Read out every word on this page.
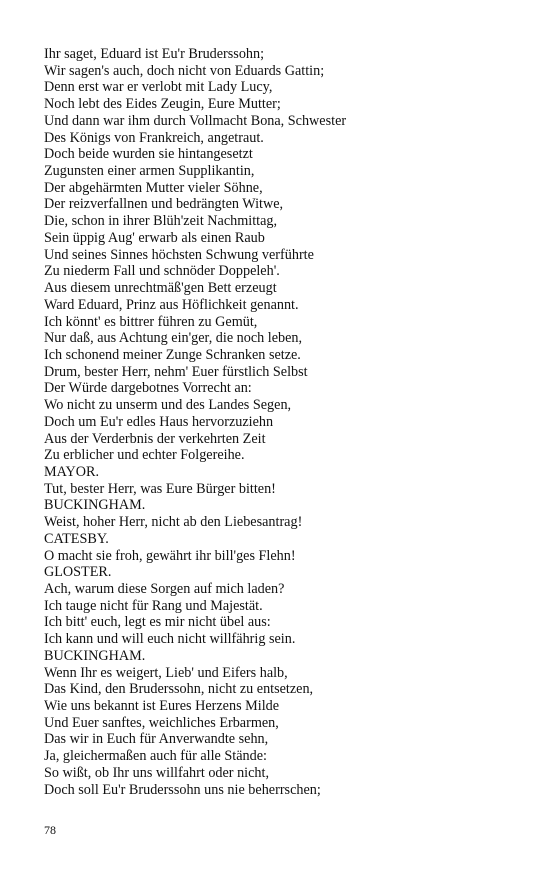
Ihr saget, Eduard ist Eu'r Bruderssohn;

Wir sagen's auch, doch nicht von Eduards Gattin;

Denn erst war er verlobt mit Lady Lucy,

Noch lebt des Eides Zeugin, Eure Mutter;

Und dann war ihm durch Vollmacht Bona, Schwester

Des Königs von Frankreich, angetraut.

Doch beide wurden sie hintangesetzt

Zugunsten einer armen Supplikantin,

Der abgehärmten Mutter vieler Söhne,

Der reizverfallnen und bedrängten Witwe,

Die, schon in ihrer Blüh'zeit Nachmittag,

Sein üppig Aug' erwarb als einen Raub

Und seines Sinnes höchsten Schwung verführte

Zu niederm Fall und schnöder Doppeleh'.

Aus diesem unrechtmäß'gen Bett erzeugt

Ward Eduard, Prinz aus Höflichkeit genannt.

Ich könnt' es bittrer führen zu Gemüt,

Nur daß, aus Achtung ein'ger, die noch leben,

Ich schonend meiner Zunge Schranken setze.

Drum, bester Herr, nehm' Euer fürstlich Selbst

Der Würde dargebotnes Vorrecht an:

Wo nicht zu unserm und des Landes Segen,

Doch um Eu'r edles Haus hervorzuziehn

Aus der Verderbnis der verkehrten Zeit

Zu erblicher und echter Folgereihe.

MAYOR.

Tut, bester Herr, was Eure Bürger bitten!

BUCKINGHAM.

Weist, hoher Herr, nicht ab den Liebesantrag!

CATESBY.

O macht sie froh, gewährt ihr bill'ges Flehn!

GLOSTER.

Ach, warum diese Sorgen auf mich laden?

Ich tauge nicht für Rang und Majestät.

Ich bitt' euch, legt es mir nicht übel aus:

Ich kann und will euch nicht willfährig sein.

BUCKINGHAM.

Wenn Ihr es weigert, Lieb' und Eifers halb,

Das Kind, den Bruderssohn, nicht zu entsetzen,

Wie uns bekannt ist Eures Herzens Milde

Und Euer sanftes, weichliches Erbarmen,

Das wir in Euch für Anverwandte sehn,

Ja, gleichermaßen auch für alle Stände:

So wißt, ob Ihr uns willfahrt oder nicht,

Doch soll Eu'r Bruderssohn uns nie beherrschen;

78
